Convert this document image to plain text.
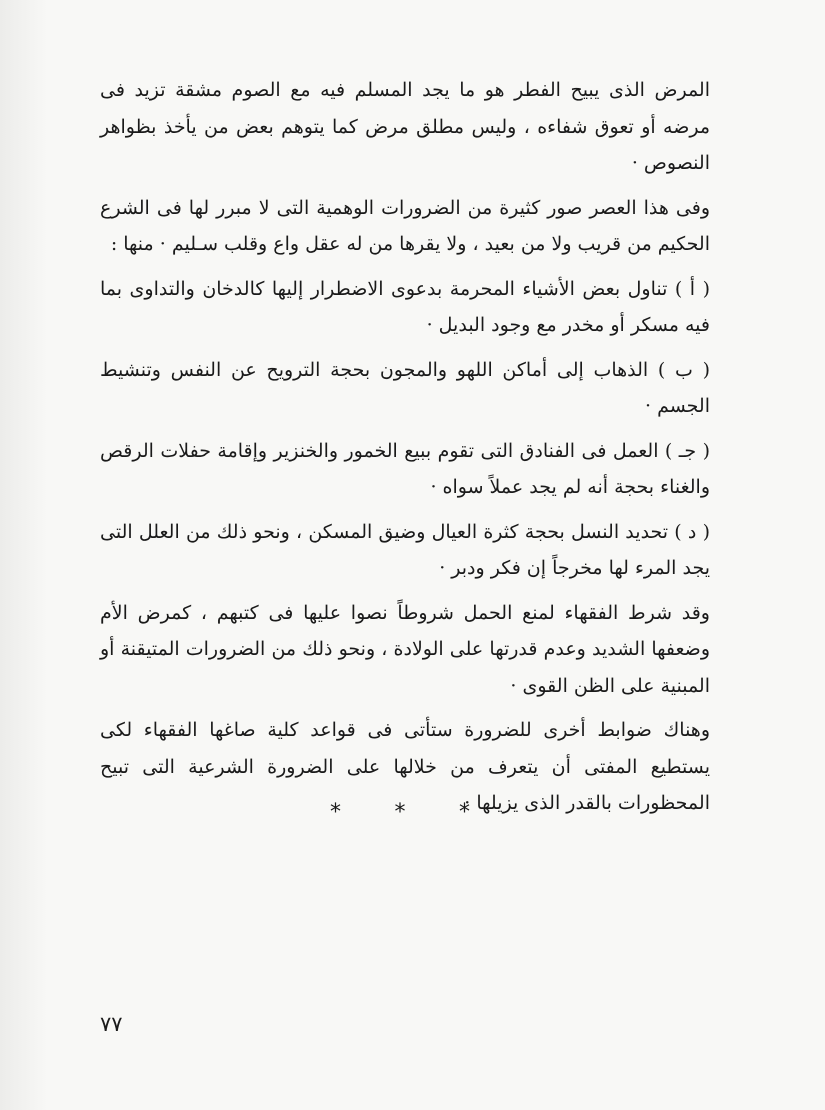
المرض الذى يبيح الفطر هو ما يجد المسلم فيه مع الصوم مشقة تزيد فى مرضه أو تعوق شفاءه ، وليس مطلق مرض كما يتوهم بعض من يأخذ بظواهر النصوص ·

وفى هذا العصر صور كثيرة من الضرورات الوهمية التى لا مبرر لها فى الشرع الحكيم من قريب ولا من بعيد ، ولا يقرها من له عقل واع وقلب سـليم · منها :

( أ ) تناول بعض الأشياء المحرمة بدعوى الاضطرار إليها كالدخان والتداوى بما فيه مسكر أو مخدر مع وجود البديل ·

( ب ) الذهاب إلى أماكن اللهو والمجون بحجة الترويح عن النفس وتنشيط الجسم ·

( جـ ) العمل فى الفنادق التى تقوم ببيع الخمور والخنزير وإقامة حفلات الرقص والغناء بحجة أنه لم يجد عملاً سواه ·

( د ) تحديد النسل بحجة كثرة العيال وضيق المسكن ، ونحو ذلك من العلل التى يجد المرء لها مخرجاً إن فكر ودبر ·

وقد شرط الفقهاء لمنع الحمل شروطاً نصوا عليها فى كتبهم ، كمرض الأم وضعفها الشديد وعدم قدرتها على الولادة ، ونحو ذلك من الضرورات المتيقنة أو المبنية على الظن القوى ·

وهناك ضوابط أخرى للضرورة ستأتى فى قواعد كلية صاغها الفقهاء لكى يستطيع المفتى أن يتعرف من خلالها على الضرورة الشرعية التى تبيح المحظورات بالقدر الذى يزيلها ·

* * *
٧٧
